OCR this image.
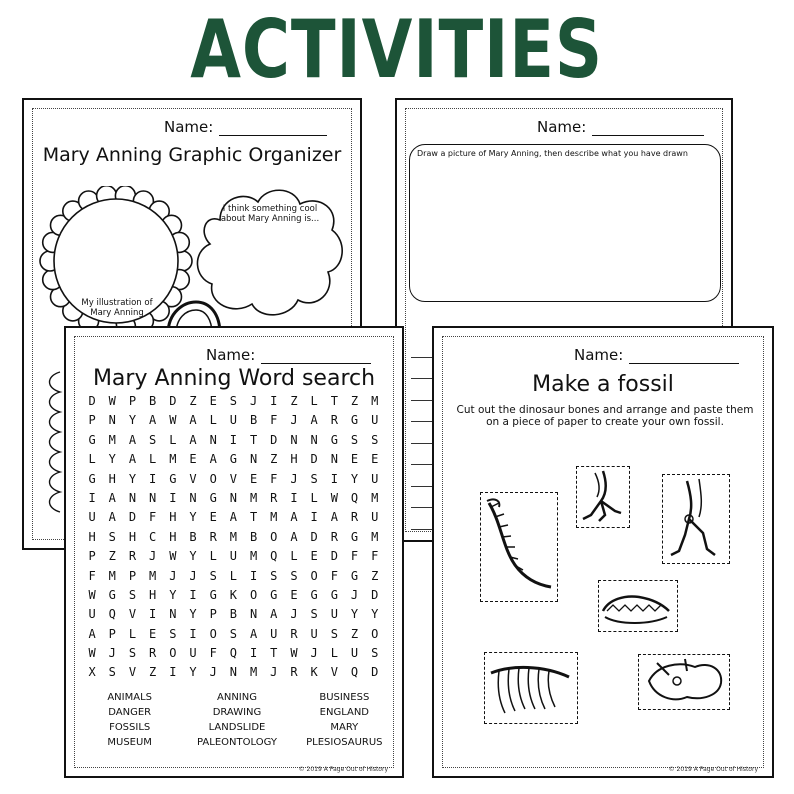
ACTIVITIES
Name:
Mary Anning Graphic Organizer
My illustration of Mary Anning
I think something cool about Mary Anning is...
Name:
Draw a picture of Mary Anning, then describe what you have drawn
Name:
Mary Anning Word search
D	W	P	B	D	Z	E	S	J	I	Z	L	T	Z	M
P	N	Y	A	W	A	L	U	B	F	J	A	R	G	U
G	M	A	S	L	A	N	I	T	D	N	N	G	S	S
L	Y	A	L	M	E	A	G	N	Z	H	D	N	E	E
G	H	Y	I	G	V	O	V	E	F	J	S	I	Y	U
I	A	N	N	I	N	G	N	M	R	I	L	W	Q	M
U	A	D	F	H	Y	E	A	T	M	A	I	A	R	U
H	S	H	C	H	B	R	M	B	O	A	D	R	G	M
P	Z	R	J	W	Y	L	U	M	Q	L	E	D	F	F
F	M	P	M	J	J	S	L	I	S	S	O	F	G	Z
W	G	S	H	Y	I	G	K	O	G	E	G	G	J	D
U	Q	V	I	N	Y	P	B	N	A	J	S	U	Y	Y
A	P	L	E	S	I	O	S	A	U	R	U	S	Z	O
W	J	S	R	O	U	F	Q	I	T	W	J	L	U	S
X	S	V	Z	I	Y	J	N	M	J	R	K	V	Q	D
ANIMALS	ANNING	BUSINESS
DANGER	DRAWING	ENGLAND
FOSSILS	LANDSLIDE	MARY
MUSEUM	PALEONTOLOGY	PLESIOSAURUS
© 2019 A Page Out of History
Name:
Make a fossil
Cut out the dinosaur bones and arrange and paste them on a piece of paper to create your own fossil.
© 2019 A Page Out of History
